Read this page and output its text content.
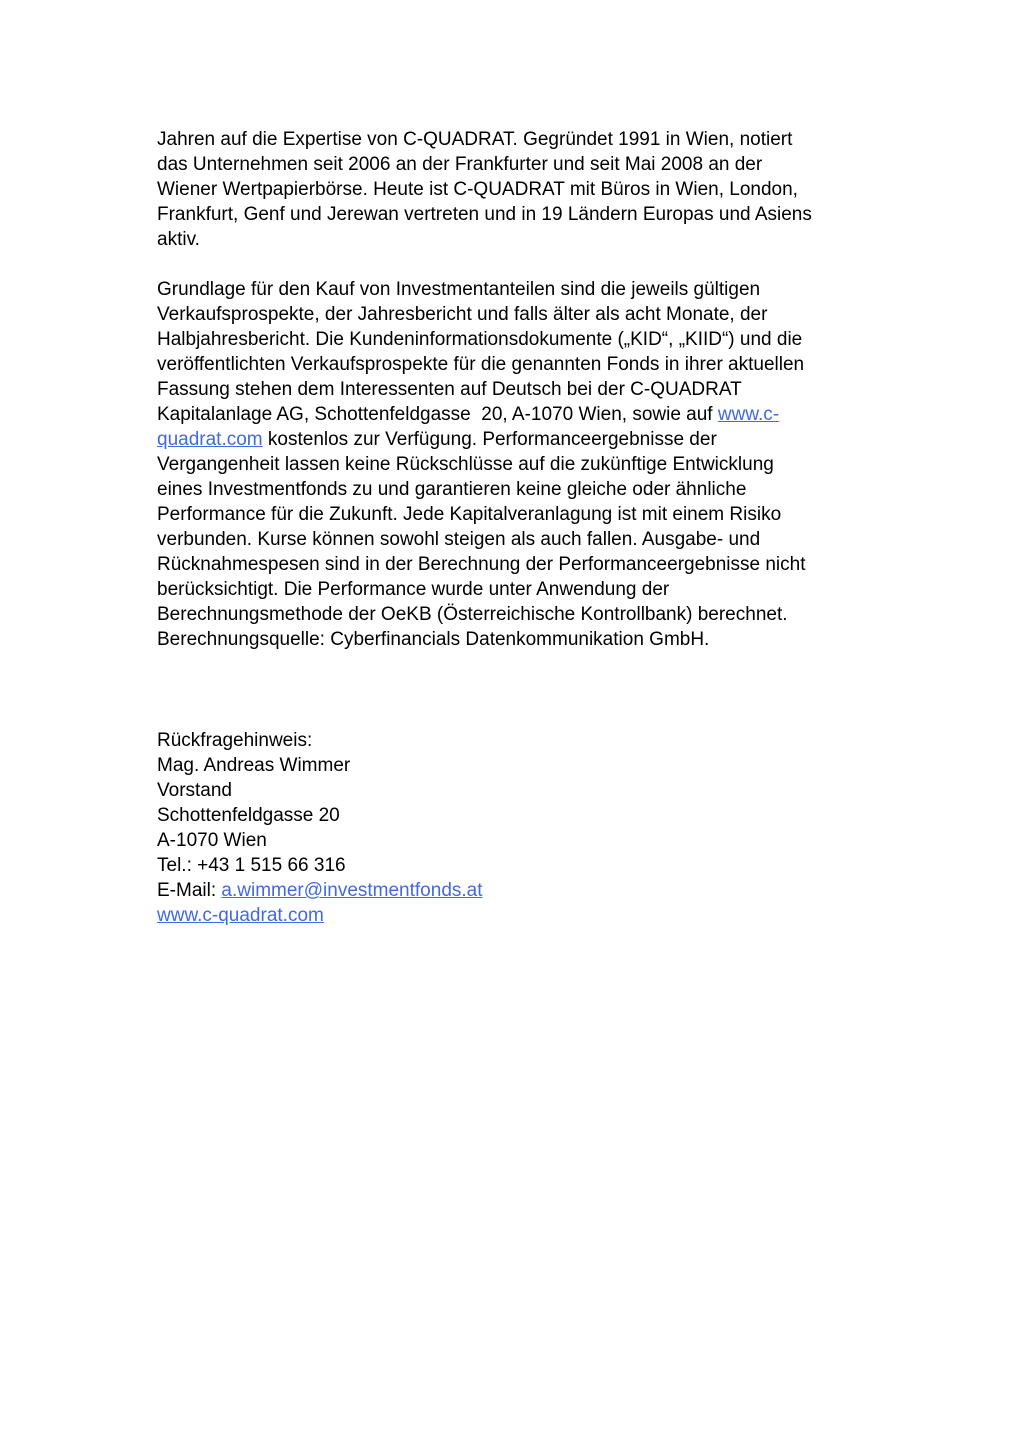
Jahren auf die Expertise von C-QUADRAT. Gegründet 1991 in Wien, notiert
das Unternehmen seit 2006 an der Frankfurter und seit Mai 2008 an der
Wiener Wertpapierbörse. Heute ist C-QUADRAT mit Büros in Wien, London,
Frankfurt, Genf und Jerewan vertreten und in 19 Ländern Europas und Asiens
aktiv.
Grundlage für den Kauf von Investmentanteilen sind die jeweils gültigen
Verkaufsprospekte, der Jahresbericht und falls älter als acht Monate, der
Halbjahresbericht. Die Kundeninformationsdokumente („KID“, „KIID“) und die
veröffentlichten Verkaufsprospekte für die genannten Fonds in ihrer aktuellen
Fassung stehen dem Interessenten auf Deutsch bei der C-QUADRAT
Kapitalanlage AG, Schottenfeldgasse  20, A-1070 Wien, sowie auf www.c-
quadrat.com kostenlos zur Verfügung. Performanceergebnisse der
Vergangenheit lassen keine Rückschlüsse auf die zukünftige Entwicklung
eines Investmentfonds zu und garantieren keine gleiche oder ähnliche
Performance für die Zukunft. Jede Kapitalveranlagung ist mit einem Risiko
verbunden. Kurse können sowohl steigen als auch fallen. Ausgabe- und
Rücknahmespesen sind in der Berechnung der Performanceergebnisse nicht
berücksichtigt. Die Performance wurde unter Anwendung der
Berechnungsmethode der OeKB (Österreichische Kontrollbank) berechnet.
Berechnungsquelle: Cyberfinancials Datenkommunikation GmbH.
Rückfragehinweis:
Mag. Andreas Wimmer
Vorstand
Schottenfeldgasse 20
A-1070 Wien
Tel.: +43 1 515 66 316
E-Mail: a.wimmer@investmentfonds.at
www.c-quadrat.com
